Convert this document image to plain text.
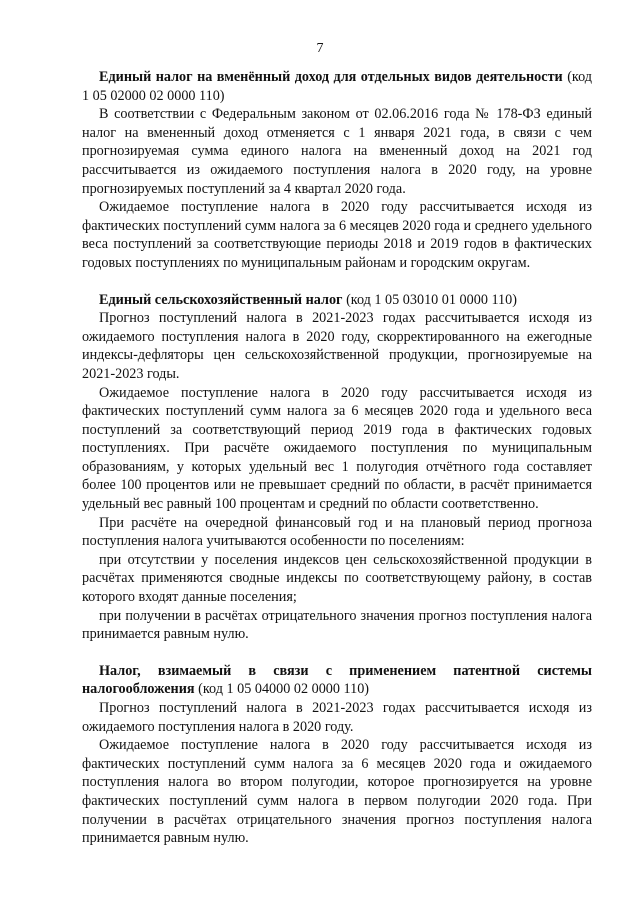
7
Единый налог на вменённый доход для отдельных видов деятельности (код 1 05 02000 02 0000 110)

В соответствии с Федеральным законом от 02.06.2016 года № 178-ФЗ единый налог на вмененный доход отменяется с 1 января 2021 года, в связи с чем прогнозируемая сумма единого налога на вмененный доход на 2021 год рассчитывается из ожидаемого поступления налога в 2020 году, на уровне прогнозируемых поступлений за 4 квартал 2020 года.

Ожидаемое поступление налога в 2020 году рассчитывается исходя из фактических поступлений сумм налога за 6 месяцев 2020 года и среднего удельного веса поступлений за соответствующие периоды 2018 и 2019 годов в фактических годовых поступлениях по муниципальным районам и городским округам.

Единый сельскохозяйственный налог (код 1 05 03010 01 0000 110)

Прогноз поступлений налога в 2021-2023 годах рассчитывается исходя из ожидаемого поступления налога в 2020 году, скорректированного на ежегодные индексы-дефляторы цен сельскохозяйственной продукции, прогнозируемые на 2021-2023 годы.

Ожидаемое поступление налога в 2020 году рассчитывается исходя из фактических поступлений сумм налога за 6 месяцев 2020 года и удельного веса поступлений за соответствующий период 2019 года в фактических годовых поступлениях. При расчёте ожидаемого поступления по муниципальным образованиям, у которых удельный вес 1 полугодия отчётного года составляет более 100 процентов или не превышает средний по области, в расчёт принимается удельный вес равный 100 процентам и средний по области соответственно.

При расчёте на очередной финансовый год и на плановый период прогноза поступления налога учитываются особенности по поселениям:

при отсутствии у поселения индексов цен сельскохозяйственной продукции в расчётах применяются сводные индексы по соответствующему району, в состав которого входят данные поселения;

при получении в расчётах отрицательного значения прогноз поступления налога принимается равным нулю.

Налог, взимаемый в связи с применением патентной системы налогообложения (код 1 05 04000 02 0000 110)

Прогноз поступлений налога в 2021-2023 годах рассчитывается исходя из ожидаемого поступления налога в 2020 году.

Ожидаемое поступление налога в 2020 году рассчитывается исходя из фактических поступлений сумм налога за 6 месяцев 2020 года и ожидаемого поступления налога во втором полугодии, которое прогнозируется на уровне фактических поступлений сумм налога в первом полугодии 2020 года. При получении в расчётах отрицательного значения прогноз поступления налога принимается равным нулю.
